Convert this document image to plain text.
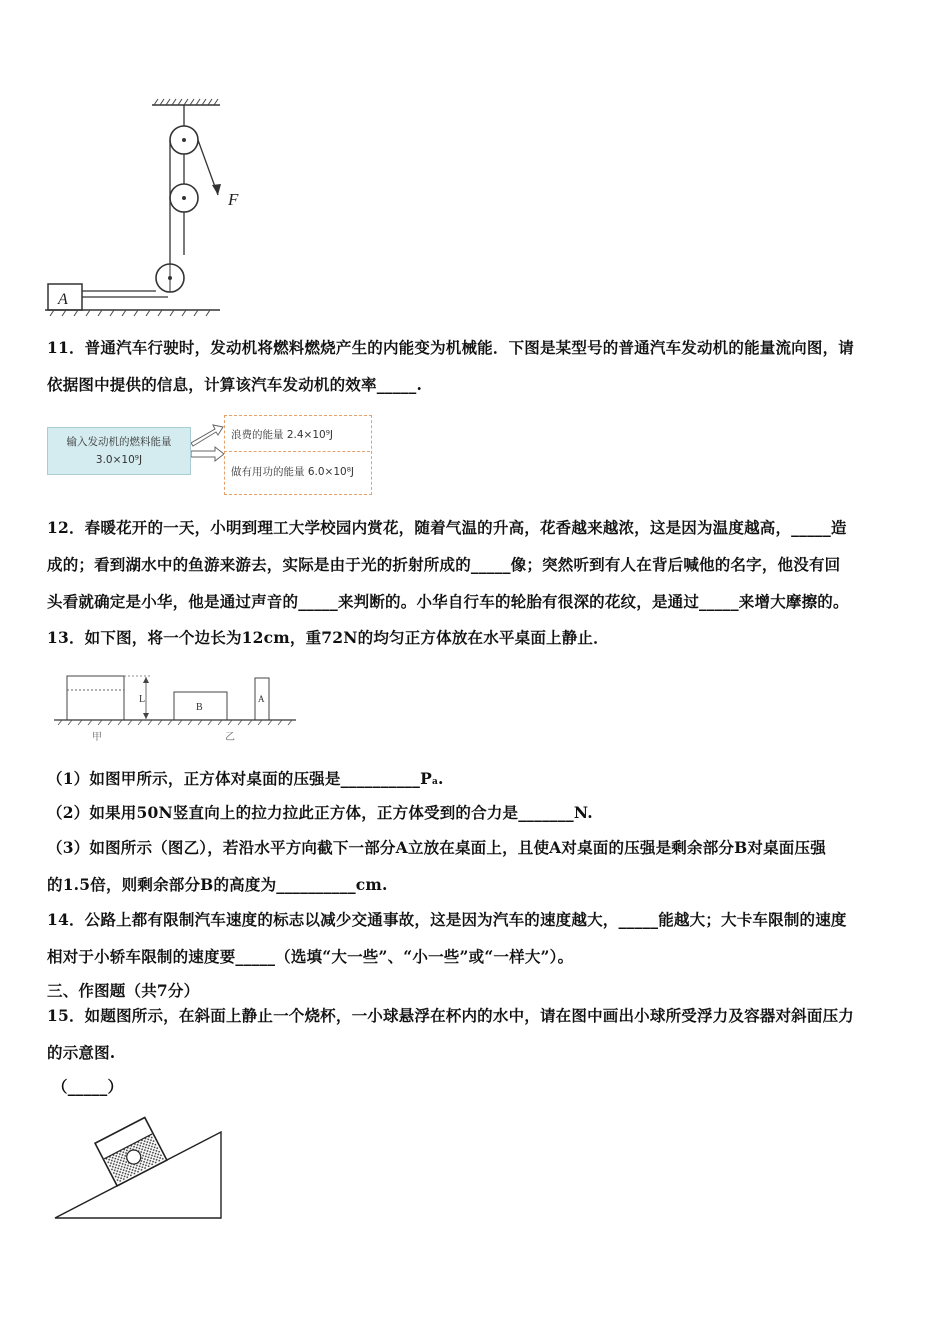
F
A
11．普通汽车行驶时，发动机将燃料燃烧产生的内能变为机械能．下图是某型号的普通汽车发动机的能量流向图，请
依据图中提供的信息，计算该汽车发动机的效率_____.
输入发动机的燃料能量
3.0×10⁹J
浪费的能量 2.4×10⁹J
做有用功的能量 6.0×10⁸J
12．春暖花开的一天，小明到理工大学校园内赏花，随着气温的升高，花香越来越浓，这是因为温度越高，_____造
成的；看到湖水中的鱼游来游去，实际是由于光的折射所成的_____像；突然听到有人在背后喊他的名字，他没有回
头看就确定是小华，他是通过声音的_____来判断的。小华自行车的轮胎有很深的花纹，是通过_____来增大摩擦的。
13．如下图，将一个边长为12cm，重72N的均匀正方体放在水平桌面上静止．
L
B
A
甲	乙
（1）如图甲所示，正方体对桌面的压强是__________Pa.
（2）如果用50N竖直向上的拉力拉此正方体，正方体受到的合力是_______N.
（3）如图所示（图乙），若沿水平方向截下一部分A立放在桌面上，且使A对桌面的压强是剩余部分B对桌面压强
的1.5倍，则剩余部分B的高度为__________cm.
14．公路上都有限制汽车速度的标志以减少交通事故，这是因为汽车的速度越大，_____能越大；大卡车限制的速度
相对于小轿车限制的速度要_____（选填“大一些”、“小一些”或“一样大”）。
三、作图题（共7分）
15．如题图所示，在斜面上静止一个烧杯，一小球悬浮在杯内的水中，请在图中画出小球所受浮力及容器对斜面压力
的示意图.
（_____）
